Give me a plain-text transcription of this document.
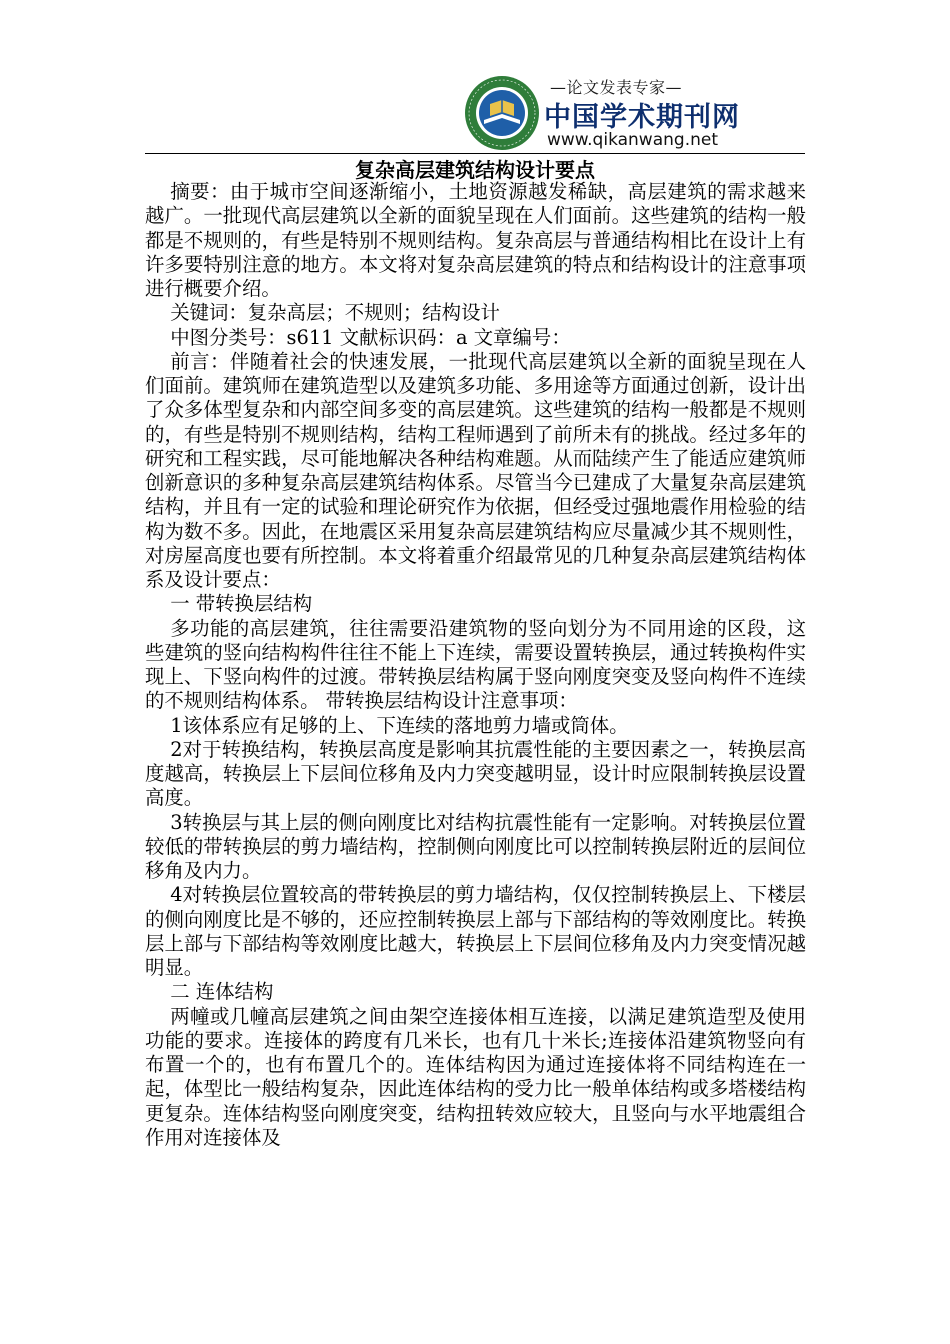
—论文发表专家—
中国学术期刊网
www.qikanwang.net
复杂高层建筑结构设计要点

摘要：由于城市空间逐渐缩小，土地资源越发稀缺，高层建筑的需求越来越广。一批现代高层建筑以全新的面貌呈现在人们面前。这些建筑的结构一般都是不规则的，有些是特别不规则结构。复杂高层与普通结构相比在设计上有许多要特别注意的地方。本文将对复杂高层建筑的特点和结构设计的注意事项进行概要介绍。

关键词：复杂高层；不规则；结构设计

中图分类号：s611 文献标识码：a 文章编号：

前言：伴随着社会的快速发展，一批现代高层建筑以全新的面貌呈现在人们面前。建筑师在建筑造型以及建筑多功能、多用途等方面通过创新，设计出了众多体型复杂和内部空间多变的高层建筑。这些建筑的结构一般都是不规则的，有些是特别不规则结构，结构工程师遇到了前所未有的挑战。经过多年的研究和工程实践，尽可能地解决各种结构难题。从而陆续产生了能适应建筑师创新意识的多种复杂高层建筑结构体系。尽管当今已建成了大量复杂高层建筑结构，并且有一定的试验和理论研究作为依据，但经受过强地震作用检验的结构为数不多。因此，在地震区采用复杂高层建筑结构应尽量减少其不规则性，对房屋高度也要有所控制。本文将着重介绍最常见的几种复杂高层建筑结构体系及设计要点：

一 带转换层结构

多功能的高层建筑，往往需要沿建筑物的竖向划分为不同用途的区段，这些建筑的竖向结构构件往往不能上下连续，需要设置转换层，通过转换构件实现上、下竖向构件的过渡。带转换层结构属于竖向刚度突变及竖向构件不连续的不规则结构体系。 带转换层结构设计注意事项：

1该体系应有足够的上、下连续的落地剪力墙或筒体。

2对于转换结构，转换层高度是影响其抗震性能的主要因素之一，转换层高度越高，转换层上下层间位移角及内力突变越明显，设计时应限制转换层设置高度。

3转换层与其上层的侧向刚度比对结构抗震性能有一定影响。对转换层位置较低的带转换层的剪力墙结构，控制侧向刚度比可以控制转换层附近的层间位移角及内力。

4对转换层位置较高的带转换层的剪力墙结构，仅仅控制转换层上、下楼层的侧向刚度比是不够的，还应控制转换层上部与下部结构的等效刚度比。转换层上部与下部结构等效刚度比越大，转换层上下层间位移角及内力突变情况越明显。

二 连体结构

两幢或几幢高层建筑之间由架空连接体相互连接，以满足建筑造型及使用功能的要求。连接体的跨度有几米长，也有几十米长;连接体沿建筑物竖向有布置一个的，也有布置几个的。连体结构因为通过连接体将不同结构连在一起，体型比一般结构复杂，因此连体结构的受力比一般单体结构或多塔楼结构更复杂。连体结构竖向刚度突变，结构扭转效应较大，且竖向与水平地震组合作用对连接体及
